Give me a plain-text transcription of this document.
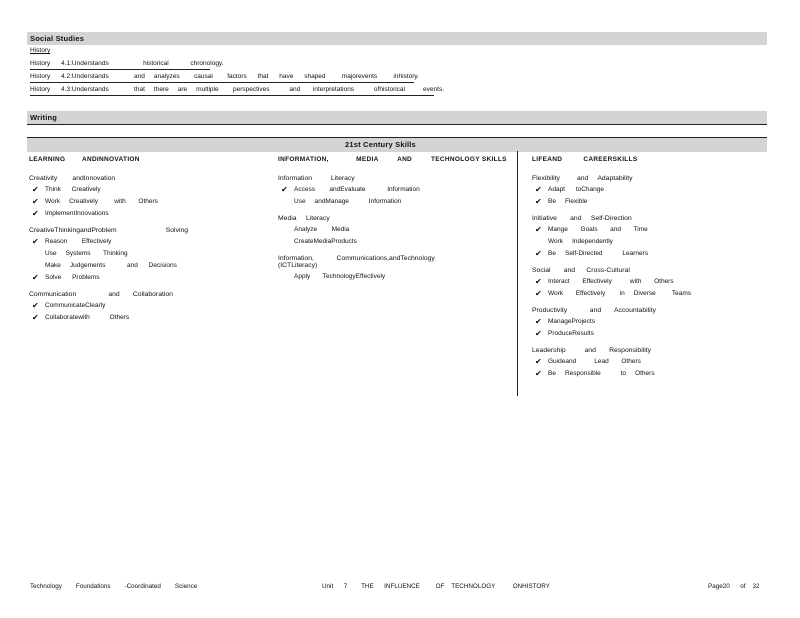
Social Studies
History
History      4.1:Understands                   historical            chronology.
History      4.2:Understands              and     analyzes        causal        factors      that      have      shaped         majorevents         inhistory.
History      4.3:Understands              that     there     are     multiple        perspectives           and       interpretations           ofhistorical          events.
Writing
21st Century Skills
LEARNING        ANDINNOVATION
Creativity        andInnovation
✔ Think      Creatively
✔ Work     Creatively         with       Others
✔ ImplementInnovations
CreativeThinkingandProblem                          Solving
✔ Reason        Effectively
Use     Systems       Thinking
Make     Judgements            and      Decisions
✔ Solve      Problems
Communication                 and       Collaboration
✔ CommunicateClearly
✔ Collaboratewith           Others
INFORMATION,             MEDIA         AND         TECHNOLOGY SKILLS
Information          Literacy
✔ Access        andEvaluate            Information
Use     andManage           Information
Media     Literacy
Analyze        Media
CreateMediaProducts
Information,            Communications,andTechnology
(ICTLiteracy)
Apply       TechnologyEffectively
LIFEAND          CAREERSKILLS
Flexibility         and     Adaptability
✔ Adapt      toChange
✔ Be     Flexible
Initiative       and     Self-Direction
✔ Mange       Goals       and       Time
Work     Independently
✔ Be     Self-Directed           Learners
Social       and      Cross-Cultural
✔ Interact       Effectively          with       Others
✔ Work       Effectively        in     Diverse         Teams
Productivity            and       Accountability
✔ ManageProjects
✔ ProduceResults
Leadership          and       Responsibility
✔ Guideand          Lead       Others
✔ Be     Responsible           to     Others
Technology        Foundations        -Coordinated        Science	Unit      7        THE      INFLUENCE         OF    TECHNOLOGY          ONHISTORY	Page20      of    32
